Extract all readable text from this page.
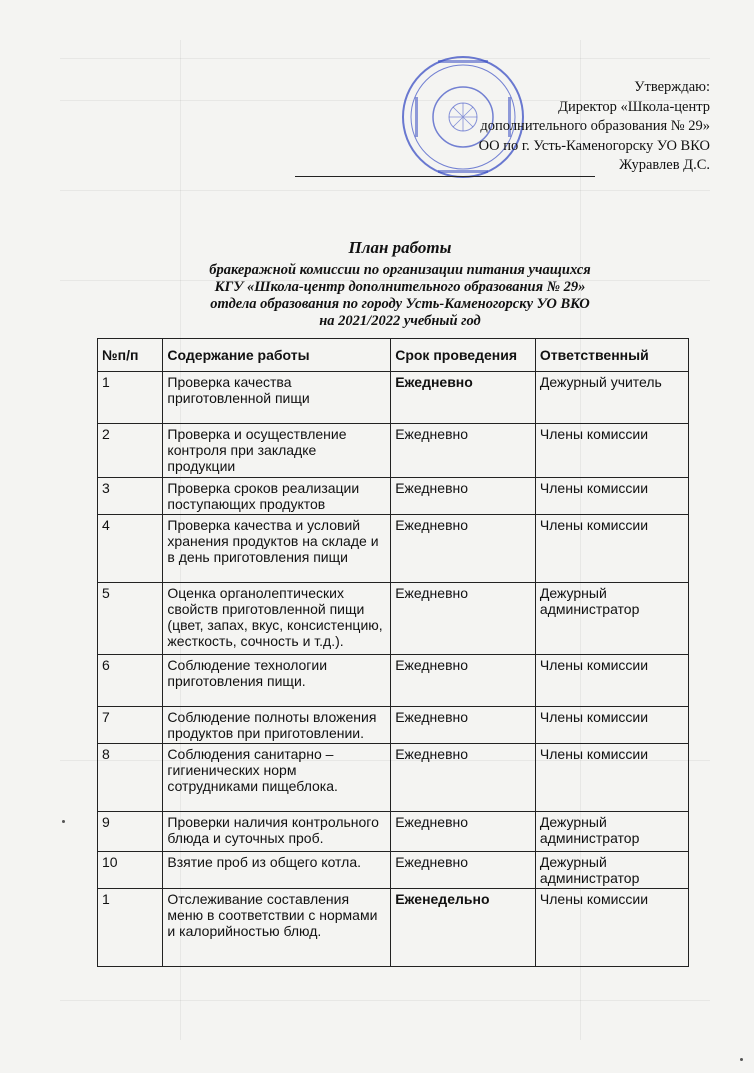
Утверждаю:
Директор «Школа-центр
дополнительного образования № 29»
ОО по г. Усть-Каменогорску УО ВКО
Журавлев Д.С.
План работы
бракеражной комиссии по организации питания учащихся
КГУ «Школа-центр дополнительного образования № 29»
отдела образования по городу Усть-Каменогорску УО ВКО
на 2021/2022 учебный год
№п/п	Содержание работы	Срок проведения	Ответственный
1	Проверка качества приготовленной пищи	Ежедневно	Дежурный учитель
2	Проверка и осуществление контроля при закладке продукции	Ежедневно	Члены комиссии
3	Проверка сроков реализации поступающих продуктов	Ежедневно	Члены комиссии
4	Проверка качества и условий хранения продуктов на складе и в день приготовления пищи	Ежедневно	Члены комиссии
5	Оценка органолептических свойств приготовленной пищи (цвет, запах, вкус, консистенцию, жесткость, сочность и т.д.).	Ежедневно	Дежурный администратор
6	Соблюдение технологии приготовления пищи.	Ежедневно	Члены комиссии
7	Соблюдение полноты вложения продуктов при приготовлении.	Ежедневно	Члены комиссии
8	Соблюдения санитарно – гигиенических норм сотрудниками пищеблока.	Ежедневно	Члены комиссии
9	Проверки наличия контрольного блюда и суточных проб.	Ежедневно	Дежурный администратор
10	Взятие проб из общего котла.	Ежедневно	Дежурный администратор
1	Отслеживание составления меню в соответствии с нормами и калорийностью блюд.	Еженедельно	Члены комиссии
